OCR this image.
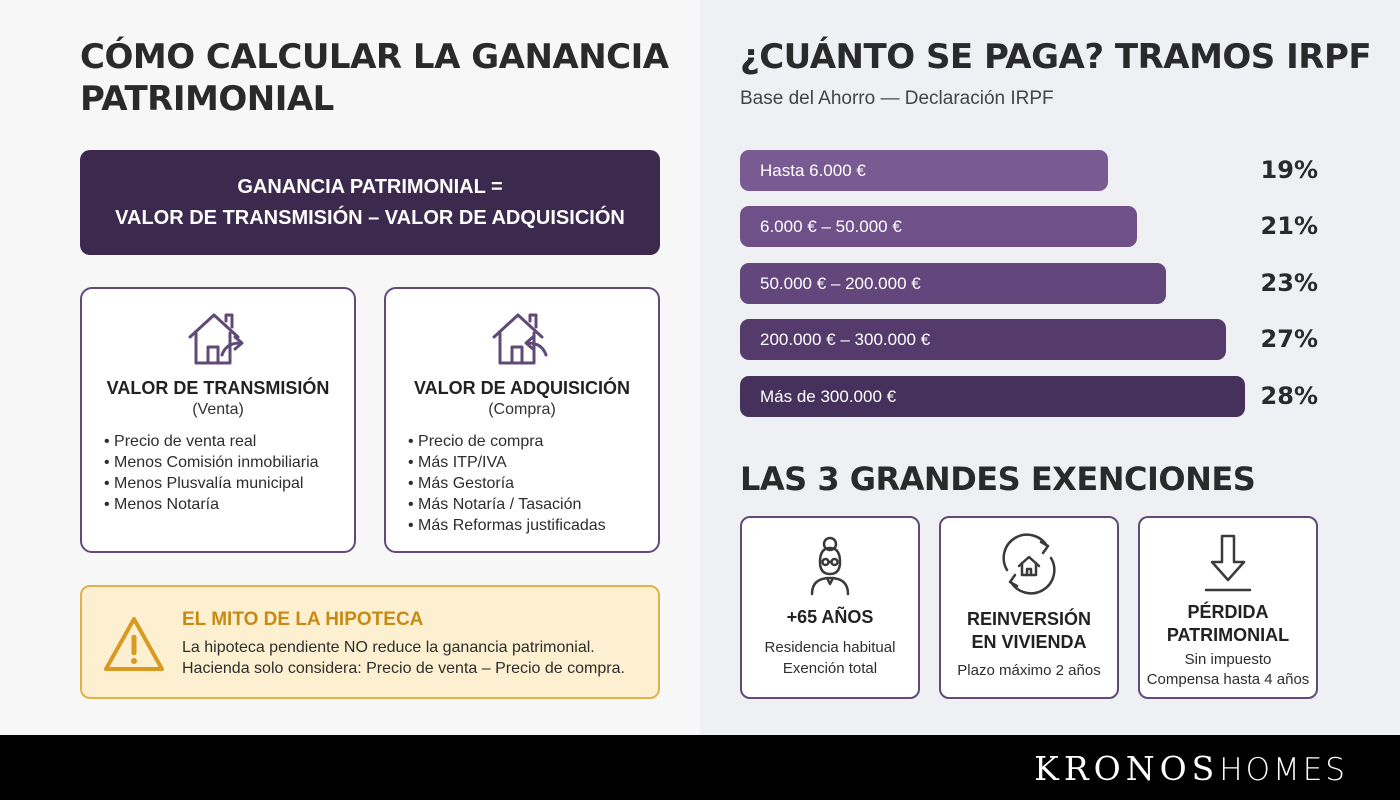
CÓMO CALCULAR LA GANANCIA PATRIMONIAL
GANANCIA PATRIMONIAL =
VALOR DE TRANSMISIÓN – VALOR DE ADQUISICIÓN
VALOR DE TRANSMISIÓN
(Venta)
• Precio de venta real
• Menos Comisión inmobiliaria
• Menos Plusvalía municipal
• Menos Notaría
VALOR DE ADQUISICIÓN
(Compra)
• Precio de compra
• Más ITP/IVA
• Más Gestoría
• Más Notaría / Tasación
• Más Reformas justificadas
EL MITO DE LA HIPOTECA
La hipoteca pendiente NO reduce la ganancia patrimonial.
Hacienda solo considera: Precio de venta – Precio de compra.
¿CUÁNTO SE PAGA? TRAMOS IRPF
Base del Ahorro — Declaración IRPF
Hasta 6.000 €	19%
6.000 € – 50.000 €	21%
50.000 € – 200.000 €	23%
200.000 € – 300.000 €	27%
Más de 300.000 €	28%
LAS 3 GRANDES EXENCIONES
+65 AÑOS
Residencia habitual
Exención total
REINVERSIÓN
EN VIVIENDA
Plazo máximo 2 años
PÉRDIDA
PATRIMONIAL
Sin impuesto
Compensa hasta 4 años
KRONOSHOMES
